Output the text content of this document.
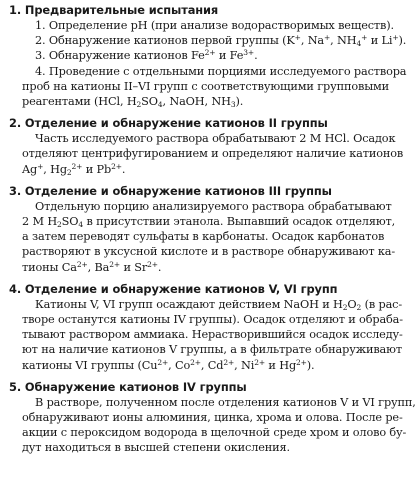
1. Предварительные испытания

1. Определение pH (при анализе водорастворимых веществ).
2. Обнаружение катионов первой группы (K+, Na+, $NH_4^+$ и Li+).
3. Обнаружение катионов $Fe^{2+}$ и $Fe^{3+}$.
4. Проведение с отдельными порциями исследуемого раствора
проб на катионы II–VI групп с соответствующими групповыми
реагентами (HCl, $H_2SO_4$, NaOH, $NH_3$).

2. Отделение и обнаружение катионов II группы

Часть исследуемого раствора обрабатывают 2 М HCl. Осадок
отделяют центрифугированием и определяют наличие катионов
Ag+, $Hg_2^{2+}$ и $Pb^{2+}$.

3. Отделение и обнаружение катионов III группы

Отдельную порцию анализируемого раствора обрабатывают
2 М $H_2SO_4$ в присутствии этанола. Выпавший осадок отделяют,
а затем переводят сульфаты в карбонаты. Осадок карбонатов
растворяют в уксусной кислоте и в растворе обнаруживают ка-
тионы $Ca^{2+}$, $Ba^{2+}$ и $Sr^{2+}$.

4. Отделение и обнаружение катионов V, VI групп

Катионы V, VI групп осаждают действием NaOH и $H_2O_2$ (в рас-
творе останутся катионы IV группы). Осадок отделяют и обраба-
тывают раствором аммиака. Нерастворившийся осадок исследу-
ют на наличие катионов V группы, а в фильтрате обнаруживают
катионы VI группы ($Cu^{2+}$, $Co^{2+}$, $Cd^{2+}$, $Ni^{2+}$ и $Hg^{2+}$).

5. Обнаружение катионов IV группы

В растворе, полученном после отделения катионов V и VI групп,
обнаруживают ионы алюминия, цинка, хрома и олова. После ре-
акции с пероксидом водорода в щелочной среде хром и олово бу-
дут находиться в высшей степени окисления.
